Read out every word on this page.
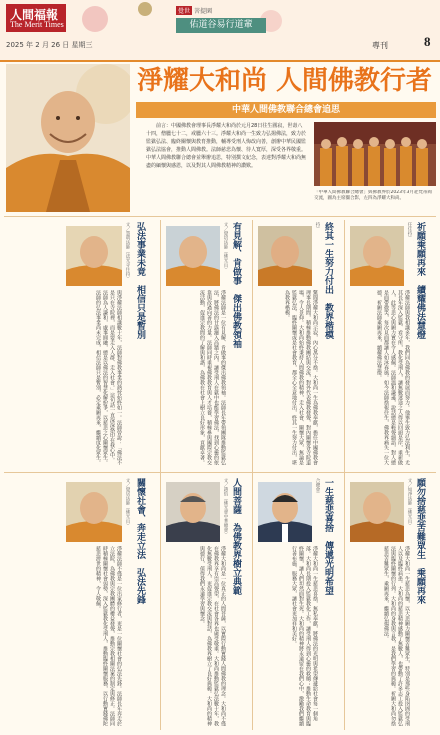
人間福報
The Merit Times
2025 年 2 月 26 日 星期三
覺世 菩提園
佑道谷易行道輩
專刊	8
淨耀大和尚 人間佛教行者
中華人間佛教聯合總會追思
前言：中國佛教會理事長淨耀大和尚於元月28日往生圓寂，世壽八十四，僧臘七十二，戒臘六十三。淨耀大和尚一生致力弘揚佛法，致力於監獄弘法、臨終關懷與教育推動，輔導受刑人悔改向善，創辦中華民國監獄弘法協會，推動人間佛教。法師慈悲為懷、待人寬厚，深受各界敬重。中華人間佛教聯合總會並舉辦追思，特別撰文紀念，表達對淨耀大和尚無盡的緬懷與感恩，以及對其人間佛教精神的讚歎。
「中華人間佛教聯合總會」與佛教界於2023年3月赴梵蒂岡交流，圖為主席團合影，左四為淨耀大和尚。
祈願乘願再來　續耀佛法慧燈
任住持）
淨耀法師與我相識多年，我們同為佛教的發展而努力。他畢生致力弘法利生，尤其長年深入監獄、看守所，教化受刑人，讓無數迷途之人得以回頭是岸，重新做人，此等悲心與願力實在令人感佩。法師溫和謙遜，說話總是輕聲細語，對人總是面帶微笑，每次見面都讓人如沐春風。如今法師捨報往生，佛教界痛失一位大德，祈願法師乘願再來，續耀佛法慧燈。
終其一生努力付出　教界楷模
持）
驚聞淨耀大和尚示寂，內心萬分不捨。大和尚一生為佛教奉獻，擔任中國佛教會理事長期間，積極推動佛教團結與交流，對外代表佛教發聲，對內關懷各寺院道場，令人景仰。大和尚始終秉持人間佛教的精神，走入社會、關懷大眾，無論是監獄弘法、臨終關懷或是社會教育，都全心全意地付出，終其一生努力付出，堪為教界楷模。
有見解、肯做事　傑出佛教領袖
文／覺培法師（佛光山）
淨耀法師是一位有見解、肯做事的傑出佛教領袖。法師長年帶領團隊推動監獄弘法，將佛法的甘露灑入高牆之內，讓受刑人在獄中也能學習佛法，找到心靈的依靠與改過向善的力量。法師同時重視佛教教育與人才培養，積極參與國際宗教交流活動，促進宗教間的了解與和諧，為佛教在社會上樹立良好形象，貢獻卓著。
弘法事業未竟　相信只是暫別
文／慧明法師（法光寺住持）
與淨耀法師相識數十年，法師對佛教事業的熱忱始終如一。法師曾說：「佛法不是只在寺院裡，而是要走入人群、走入社會。」這句話一直深深烙印在我心中。法師為人謙和，處事圓融，總是以佛法的智慧化解紛爭，以慈悲之心關懷眾生。法師的弘法事業尚未完成，相信法師只是暫別，必定乘願再來，繼續度化眾生。
願勿捨慈悲苦難眾生　乘願再來
文／如淨法師（佛光山）
淨耀大和尚一生慈悲為懷，以大悲願力關懷苦難眾生，特別是那些身陷囹圄的受刑人以及臨終病患。大和尚的慈悲精神感動了無數人，也帶動了許多志工投入監獄弘法與臨終關懷的行列。大和尚的身教與言教，是我們學習的典範。祈願大和尚勿捨慈悲苦難眾生，乘願再來，繼續弘揚佛法。
一生慈悲喜捨　傳遞光明希望
合總會）
淨耀大和尚一生慈悲喜捨，無私奉獻，將佛法的光明與希望傳遞給社會每一個角落。大和尚長期投入監獄教化工作，讓受刑人得到心靈的救贖；推動生命教育與臨終關懷，讓人們坦然面對生死。大和尚的精神將永遠留在我們心中，激勵我們繼續行善布施、服務大眾，讓社會更加祥和美好。
人間菩薩　為佛教界樹立典範
文／趙怡（佛光會中華總會）
淨耀大和尚是一位真正的人間菩薩，以實際行動實踐人間佛教的理念。大和尚不僅在佛教界享有崇高聲望，在社會各界也廣受敬重。大和尚推動監獄弘法數十年，教化無數受刑人，更促進宗教交流與對話，為佛教界樹立了良好典範。大和尚的精神與德行，值得我們永遠學習與懷念。
關懷社會、奔走立法　弘法先鋒
文／覺居法師（佛光山）
淨耀法師不僅是一位出家修行者，更是一位關懷社會的弘法先鋒。法師長年奔走於立法院，為佛教與宗教團體的權益發聲，推動宗教相關法案的制定與修正。法師同時積極關懷社會弱勢，深入監獄教化受刑人，推動臨終關懷服務，以行動實踐佛陀慈悲濟世的精神，令人敬佩。
